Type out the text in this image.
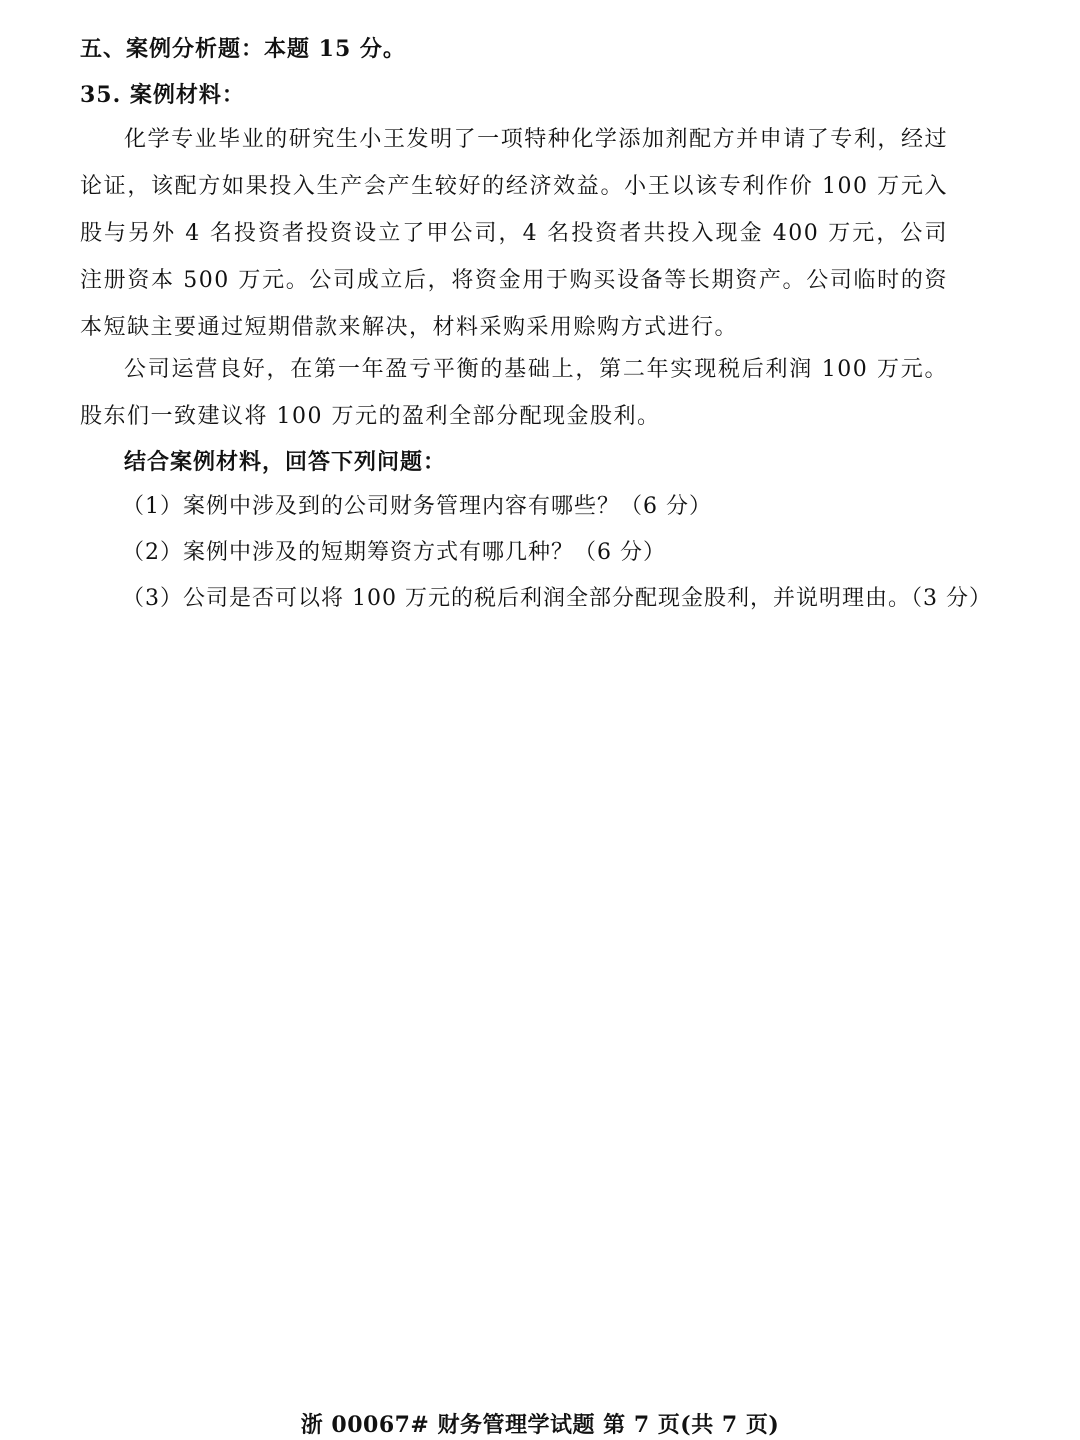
五、案例分析题：本题 15 分。
35. 案例材料：

化学专业毕业的研究生小王发明了一项特种化学添加剂配方并申请了专利，经过论证，该配方如果投入生产会产生较好的经济效益。小王以该专利作价 100 万元入股与另外 4 名投资者投资设立了甲公司，4 名投资者共投入现金 400 万元，公司注册资本 500 万元。公司成立后，将资金用于购买设备等长期资产。公司临时的资本短缺主要通过短期借款来解决，材料采购采用赊购方式进行。

公司运营良好，在第一年盈亏平衡的基础上，第二年实现税后利润 100 万元。股东们一致建议将 100 万元的盈利全部分配现金股利。

结合案例材料，回答下列问题：
（1）案例中涉及到的公司财务管理内容有哪些？（6 分）
（2）案例中涉及的短期筹资方式有哪几种？（6 分）
（3）公司是否可以将 100 万元的税后利润全部分配现金股利，并说明理由。（3 分）
浙 00067# 财务管理学试题 第 7 页(共 7 页)
